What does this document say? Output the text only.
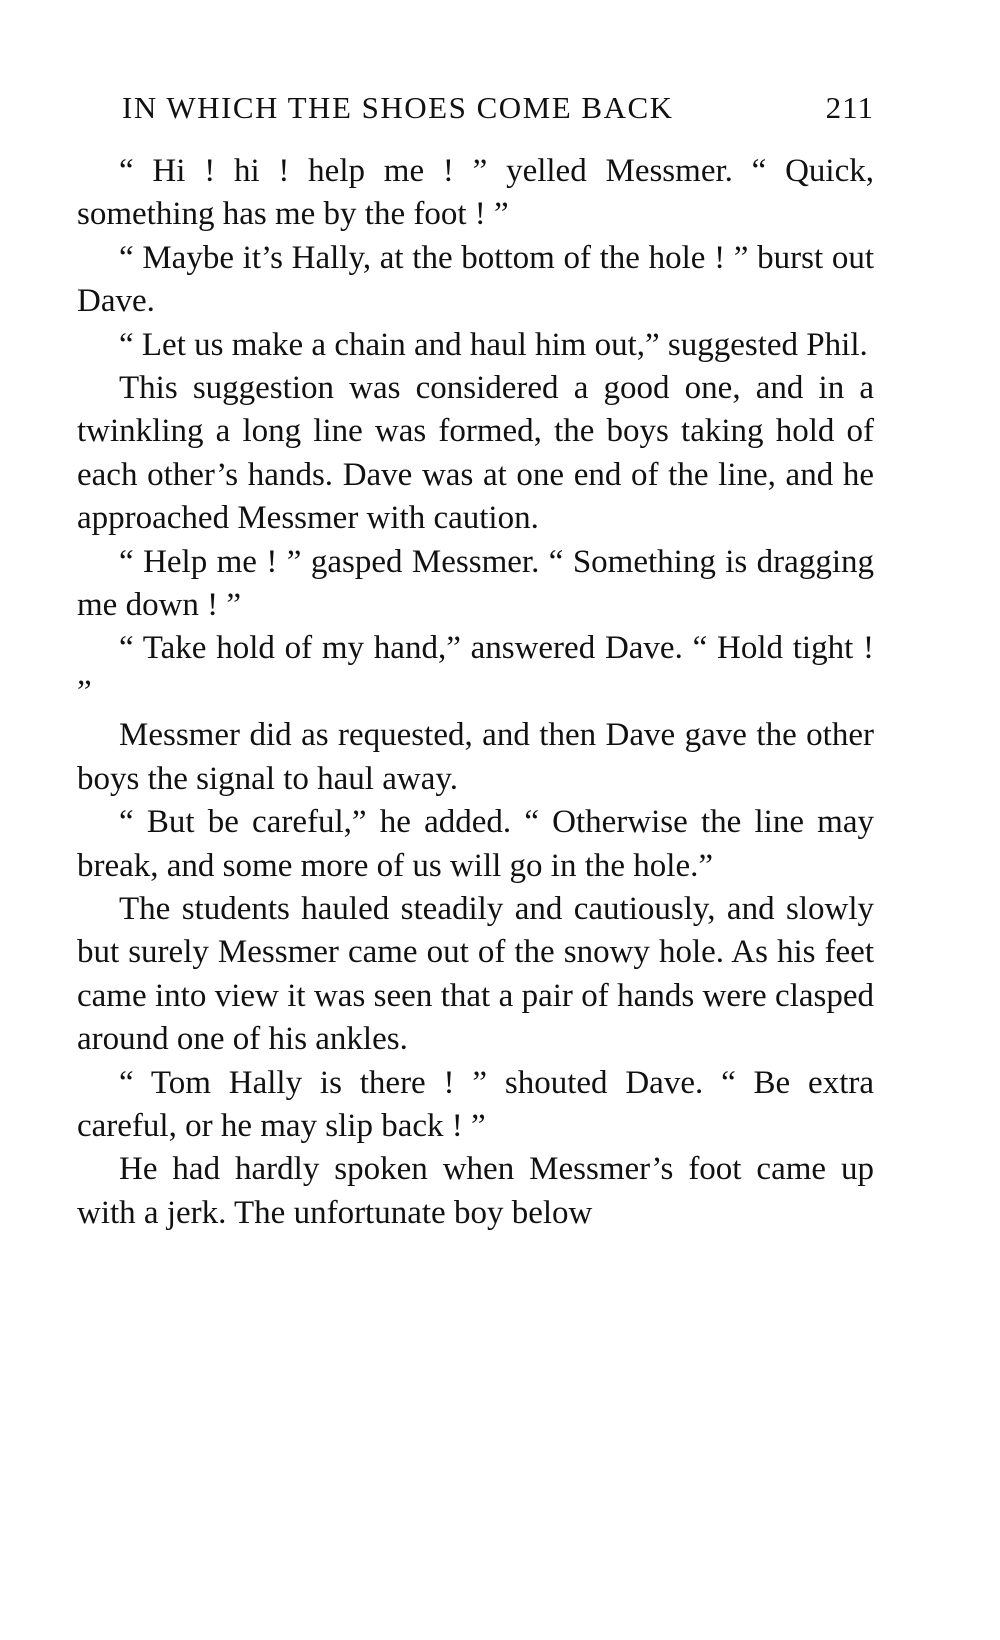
IN WHICH THE SHOES COME BACK	211

“ Hi ! hi ! help me ! ” yelled Messmer. “ Quick, something has me by the foot ! ”

“ Maybe it’s Hally, at the bottom of the hole ! ” burst out Dave.

“ Let us make a chain and haul him out,” suggested Phil.

This suggestion was considered a good one, and in a twinkling a long line was formed, the boys taking hold of each other’s hands. Dave was at one end of the line, and he approached Messmer with caution.

“ Help me ! ” gasped Messmer. “ Something is dragging me down ! ”

“ Take hold of my hand,” answered Dave. “ Hold tight ! ”

Messmer did as requested, and then Dave gave the other boys the signal to haul away.

“ But be careful,” he added. “ Otherwise the line may break, and some more of us will go in the hole.”

The students hauled steadily and cautiously, and slowly but surely Messmer came out of the snowy hole. As his feet came into view it was seen that a pair of hands were clasped around one of his ankles.

“ Tom Hally is there ! ” shouted Dave. “ Be extra careful, or he may slip back ! ”

He had hardly spoken when Messmer’s foot came up with a jerk. The unfortunate boy below
